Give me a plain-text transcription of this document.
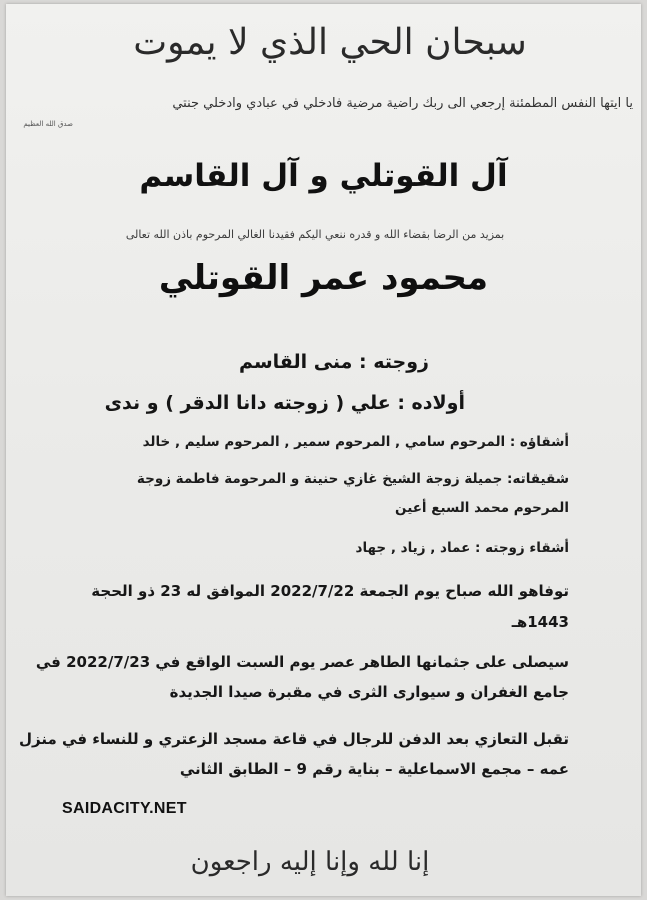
سبحان الحي الذي لا يموت
يا ايتها النفس المطمئنة إرجعي الى ربك راضية مرضية فادخلي في عبادي وادخلي جنتي
صدق الله العظيم
آل القوتلي و آل القاسم
بمزيد من الرضا بقضاء الله و قدره ننعي اليكم فقيدنا الغالي المرحوم باذن الله تعالى
محمود عمر القوتلي
زوجته : منى القاسم
أولاده : علي ( زوجته دانا الدقر ) و ندى
أشقاؤه : المرحوم سامي , المرحوم سمير , المرحوم سليم , خالد
شقيقاته: جميلة زوجة الشيخ غازي حنينة و المرحومة فاطمة زوجة
المرحوم محمد السبع أعين
أشقاء زوجته : عماد , زياد , جهاد
توفاهو الله صباح يوم الجمعة 2022/7/22 الموافق له 23 ذو الحجة
1443هـ
سيصلى على جثمانها الطاهر عصر يوم السبت الواقع في 2022/7/23 في
جامع الغفران و سيوارى الثرى في مقبرة صيدا الجديدة
تقبل التعازي بعد الدفن للرجال في قاعة مسجد الزعتري و للنساء في منزل
عمه – مجمع الاسماعلية – بناية رقم 9 – الطابق الثاني
SAIDACITY.NET
إنا لله وإنا إليه راجعون
